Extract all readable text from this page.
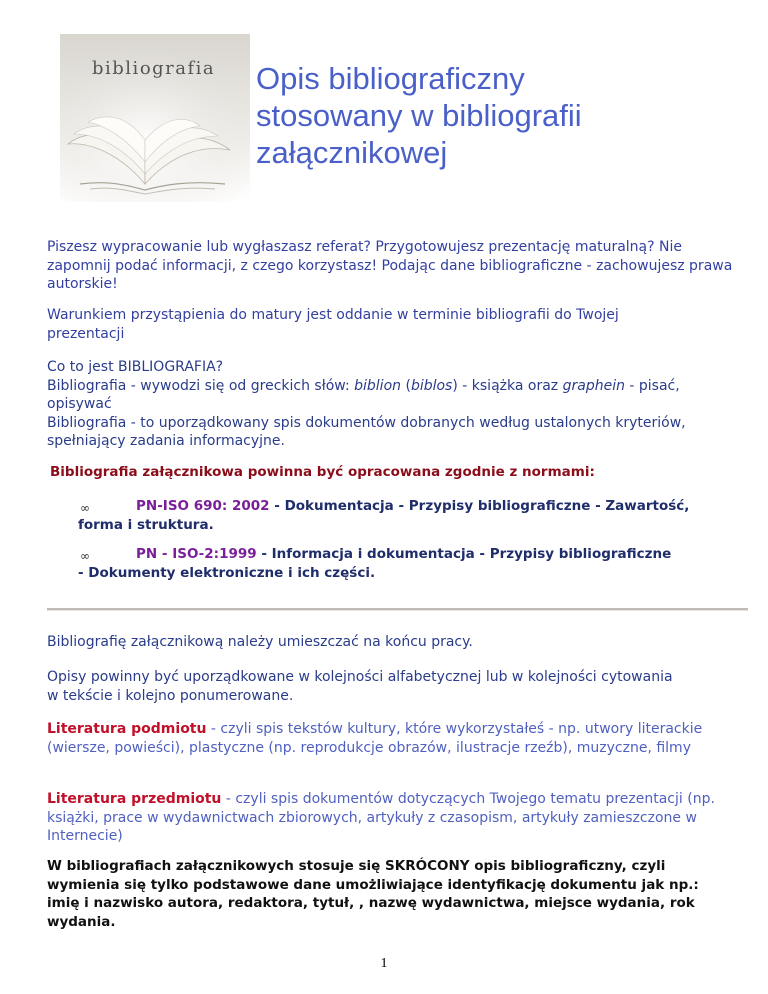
bibliografia Opis bibliograficzny stosowany w bibliografii załącznikowej
Piszesz wypracowanie lub wygłaszasz referat? Przygotowujesz prezentację maturalną? Nie zapomnij podać informacji, z czego korzystasz! Podając dane bibliograficzne - zachowujesz prawa autorskie!
Warunkiem przystąpienia do matury jest oddanie w terminie bibliografii do Twojej prezentacji
Co to jest BIBLIOGRAFIA?
Bibliografia - wywodzi się od greckich słów: biblion (biblos) - książka oraz graphein - pisać, opisywać
Bibliografia - to uporządkowany spis dokumentów dobranych według ustalonych kryteriów, spełniający zadania informacyjne.
Bibliografia załącznikowa powinna być opracowana zgodnie z normami:
∞	PN-ISO 690: 2002 - Dokumentacja - Przypisy bibliograficzne - Zawartość, forma i struktura.
∞	PN - ISO-2:1999 - Informacja i dokumentacja - Przypisy bibliograficzne - Dokumenty elektroniczne i ich części.
Bibliografię załącznikową należy umieszczać na końcu pracy.
Opisy powinny być uporządkowane w kolejności alfabetycznej lub w kolejności cytowania w tekście i kolejno ponumerowane.
Literatura podmiotu - czyli spis tekstów kultury, które wykorzystałeś - np. utwory literackie (wiersze, powieści), plastyczne (np. reprodukcje obrazów, ilustracje rzeźb), muzyczne, filmy
Literatura przedmiotu - czyli spis dokumentów dotyczących Twojego tematu prezentacji (np. książki, prace w wydawnictwach zbiorowych, artykuły z czasopism, artykuły zamieszczone w Internecie)
W bibliografiach załącznikowych stosuje się SKRÓCONY opis bibliograficzny, czyli wymienia się tylko podstawowe dane umożliwiające identyfikację dokumentu jak np.: imię i nazwisko autora, redaktora, tytuł, , nazwę wydawnictwa, miejsce wydania, rok wydania.
1
